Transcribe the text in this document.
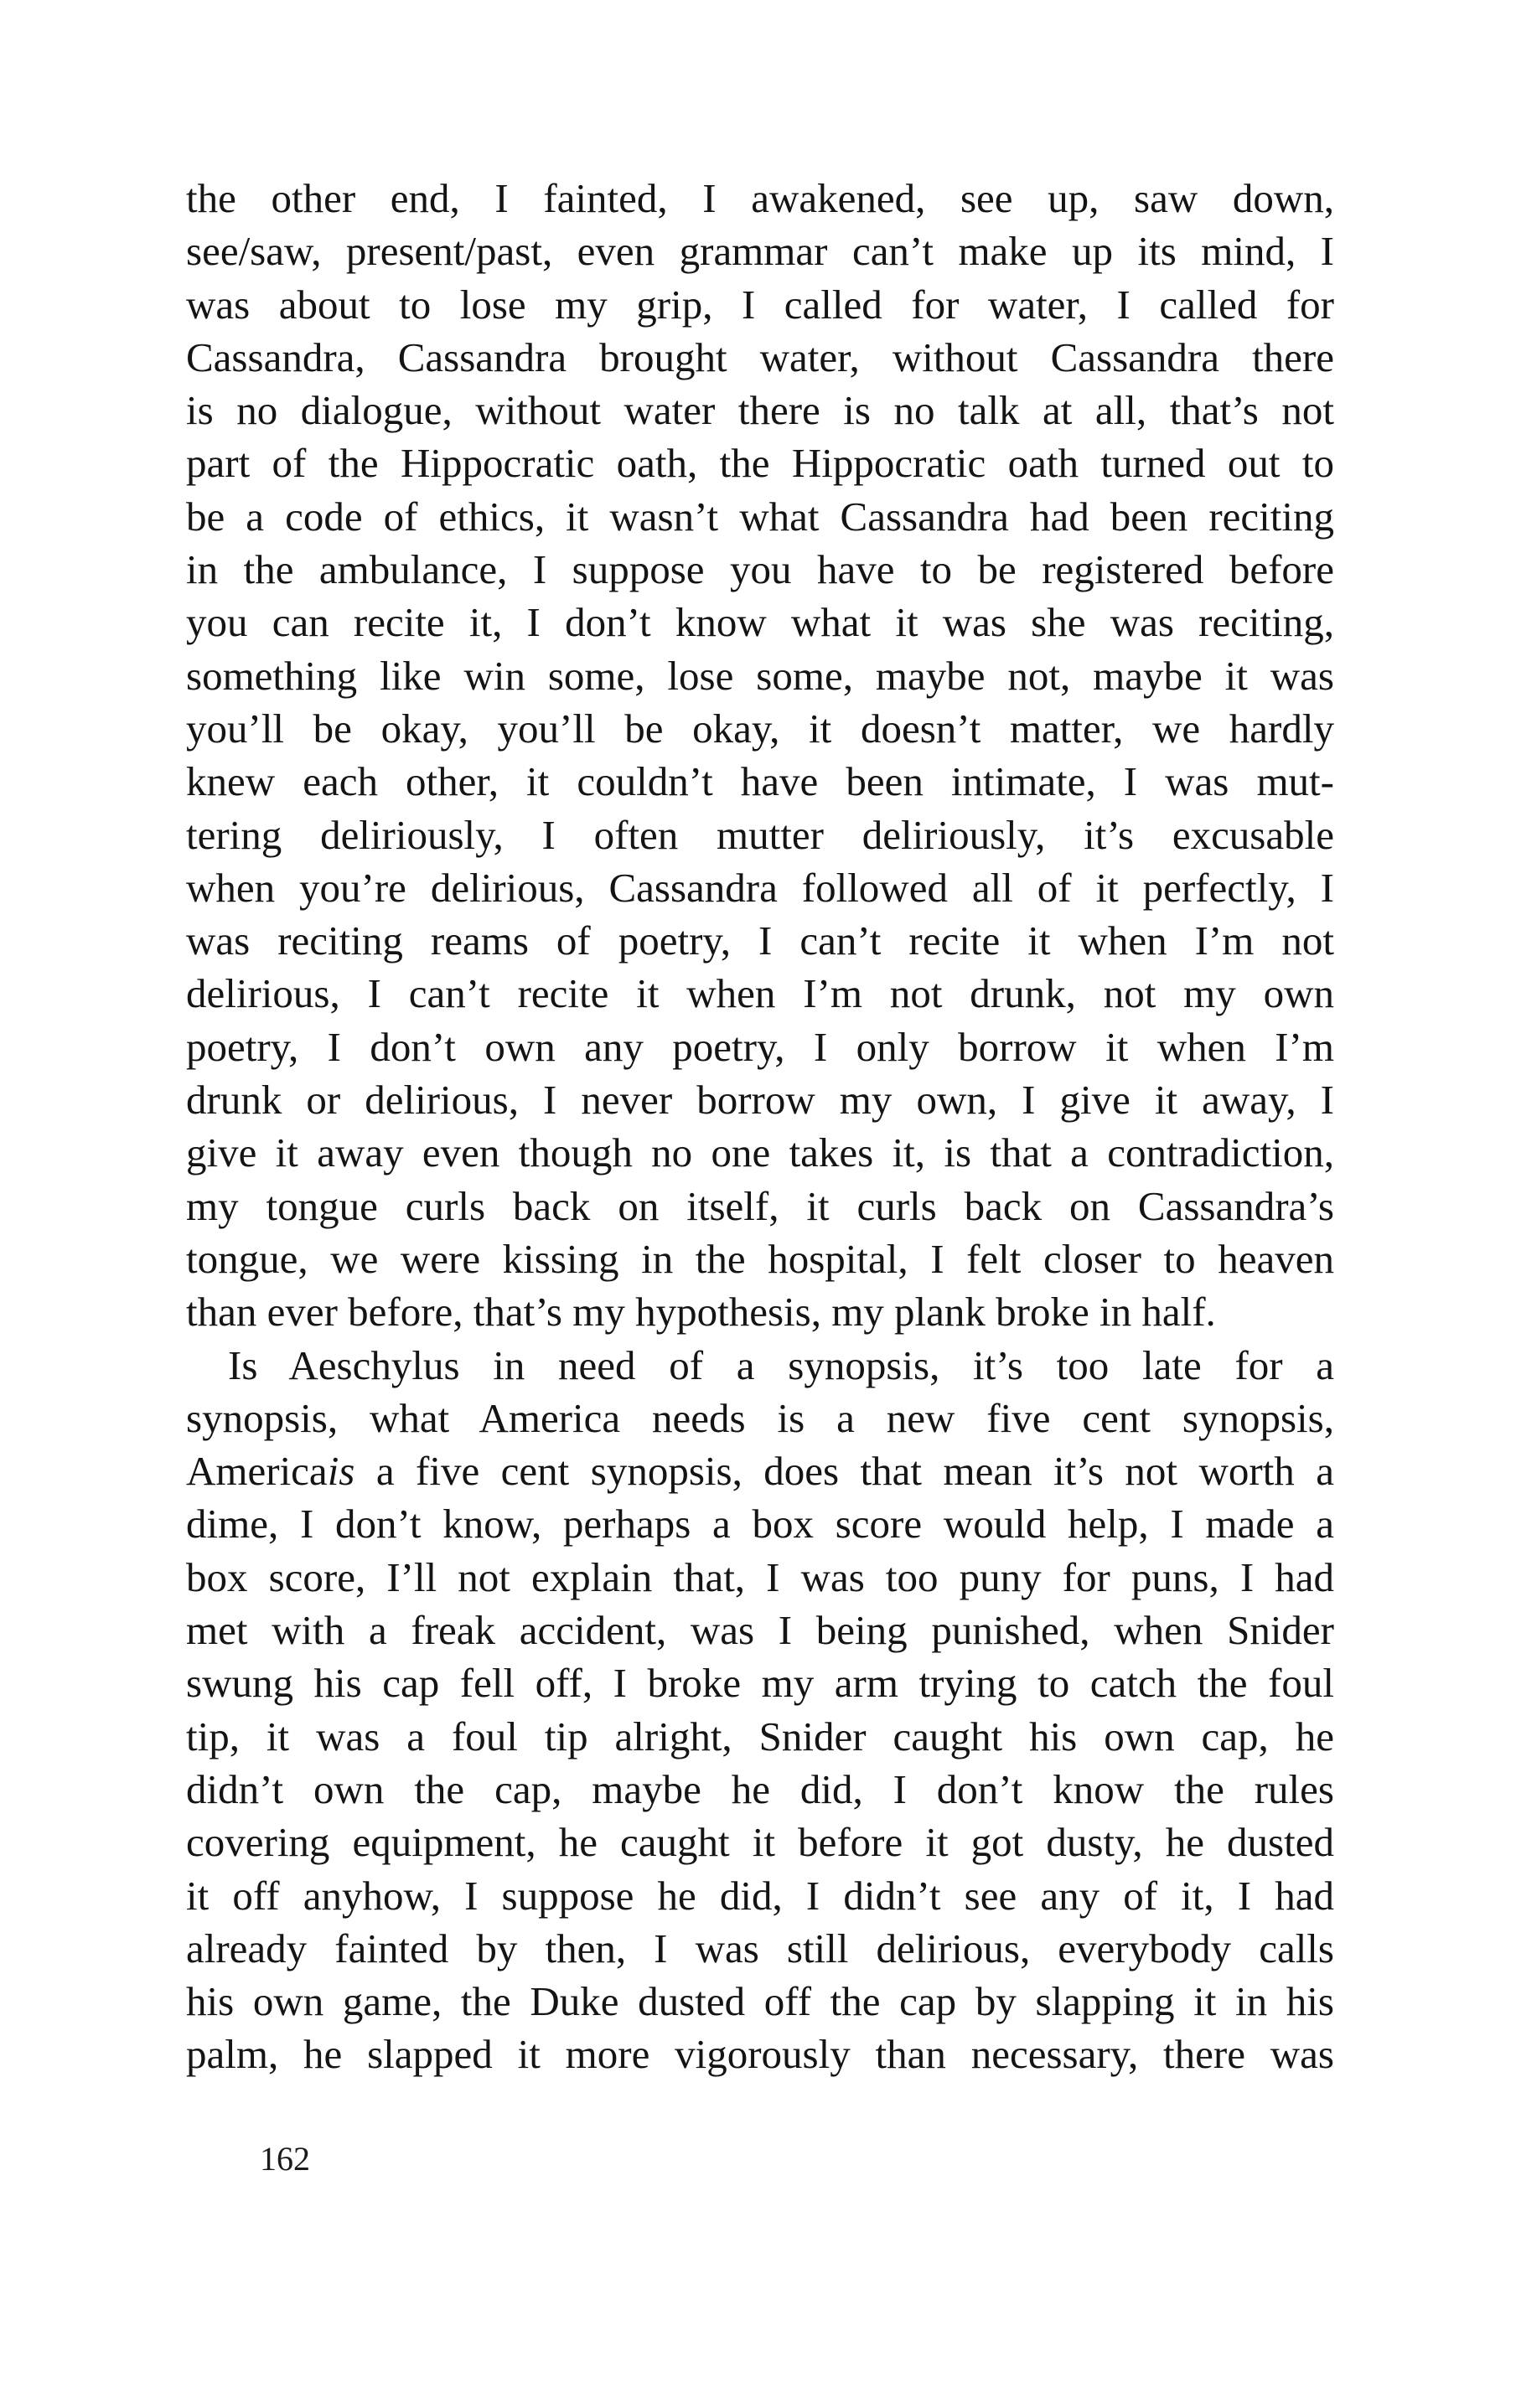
the other end, I fainted, I awakened, see up, saw down,
see/saw, present/past, even grammar can’t make up its mind, I
was about to lose my grip, I called for water, I called for
Cassandra, Cassandra brought water, without Cassandra there
is no dialogue, without water there is no talk at all, that’s not
part of the Hippocratic oath, the Hippocratic oath turned out to
be a code of ethics, it wasn’t what Cassandra had been reciting
in the ambulance, I suppose you have to be registered before
you can recite it, I don’t know what it was she was reciting,
something like win some, lose some, maybe not, maybe it was
you’ll be okay, you’ll be okay, it doesn’t matter, we hardly
knew each other, it couldn’t have been intimate, I was mut-
tering deliriously, I often mutter deliriously, it’s excusable
when you’re delirious, Cassandra followed all of it perfectly, I
was reciting reams of poetry, I can’t recite it when I’m not
delirious, I can’t recite it when I’m not drunk, not my own
poetry, I don’t own any poetry, I only borrow it when I’m
drunk or delirious, I never borrow my own, I give it away, I
give it away even though no one takes it, is that a contradiction,
my tongue curls back on itself, it curls back on Cassandra’s
tongue, we were kissing in the hospital, I felt closer to heaven
than ever before, that’s my hypothesis, my plank broke in half.
Is Aeschylus in need of a synopsis, it’s too late for a
synopsis, what America needs is a new five cent synopsis,
Americais a five cent synopsis, does that mean it’s not worth a
dime, I don’t know, perhaps a box score would help, I made a
box score, I’ll not explain that, I was too puny for puns, I had
met with a freak accident, was I being punished, when Snider
swung his cap fell off, I broke my arm trying to catch the foul
tip, it was a foul tip alright, Snider caught his own cap, he
didn’t own the cap, maybe he did, I don’t know the rules
covering equipment, he caught it before it got dusty, he dusted
it off anyhow, I suppose he did, I didn’t see any of it, I had
already fainted by then, I was still delirious, everybody calls
his own game, the Duke dusted off the cap by slapping it in his
palm, he slapped it more vigorously than necessary, there was
162
